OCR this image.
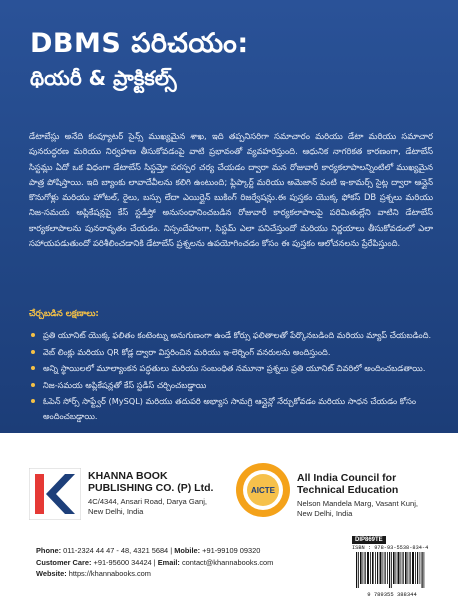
DBMS పరిచయం:
థియరీ & ప్రాక్టికల్స్

డేటాబేస్లు అనేది కంప్యూటర్ సైన్స్ ముఖ్యమైన శాఖ, ఇది తప్పనిసరిగా సమాచారం మరియు డేటా మరియు సమాచార పునరుద్ధరణ మరియు నిర్వహణ తీసుకోవడంపై వాటి ప్రభావంతో వ్యవహరిస్తుంది. ఆధునిక నాగరికత కారణంగా, డేటాబేస్ సిస్టమ్లు ఏదో ఒక విధంగా డేటాబేస్ సిస్టమ్తో పరస్పర చర్య చేయడం ద్వారా మన రోజువారీ కార్యకలాపాలన్నింటిలో ముఖ్యమైన పాత్ర పోషిస్తాయి. ఇది బ్యాంకు లావాదేవీలను కలిగి ఉంటుంది; ఫ్లిప్కార్ట్ మరియు అమెజాన్ వంటి ఇ-కామర్స్ సైట్ల ద్వారా ఆన్లైన్ కొనుగోళ్లు మరియు హోటల్, రైలు, బస్సు లేదా ఎయిర్లైన్ బుకింగ్ రిజర్వేషన్లు.ఈ పుస్తకం యొక్క ఫోకస్ DB ప్రశ్నలు మరియు నిజ-సమయ అప్లికేషన్లపై కేస్ స్టడీస్తో అనుసంధానించబడిన రోజువారీ కార్యకలాపాలపై పరిమితుల్లేని వాటిని డేటాబేస్ కార్యకలాపాలను పునరావృతం చేయడం. నిస్సందేహంగా, సిస్టమ్ ఎలా పనిచేస్తుందో మరియు నిర్ణయాలు తీసుకోవడంలో ఎలా సహాయపడుతుందో పరిశీలించడానికి డేటాబేస్ ప్రశ్నలను ఉపయోగించడం కోసం ఈ పుస్తకం ఆలోచనలను ప్రేరేపిస్తుంది.

చేర్చబడిన లక్షణాలు:
ప్రతి యూనిట్ యొక్క ఫలితం కంటెంట్ను అనుగుణంగా ఉండే కోర్సు ఫలితాలతో పేర్కొనబడింది మరియు మ్యాప్ చేయబడింది.
వెబ్ లింక్లు మరియు QR కోడ్ల ద్వారా విస్తరించిన మరియు ఇ-లెర్నింగ్ వనరులను అందిస్తుంది.
అన్ని స్థాయిలలో మూల్యాంకన పద్ధతులు మరియు సంబంధిత నమూనా ప్రశ్నలు ప్రతి యూనిట్ చివరిలో అందించబడతాయి.
నిజ-సమయ అప్లికేషన్లతో కేస్ స్టడీస్ చర్చించబడ్డాయి
ఓపెన్ సోర్స్ సాఫ్ట్వేర్ (MySQL) మరియు తదుపరి అభ్యాస సామగ్రి ఆన్లైన్లో నేర్చుకోవడం మరియు సాధన చేయడం కోసం అందించబడ్డాయి.
KHANNA BOOK
PUBLISHING CO. (P) Ltd.
4C/4344, Ansari Road, Darya Ganj,
New Delhi, India
AICTE
All India Council for
Technical Education
Nelson Mandela Marg, Vasant Kunj,
New Delhi, India
Phone: 011-2324 44 47 - 48, 4321 5684 | Mobile: +91-99109 09320
Customer Care: +91-95600 34424 | Email: contact@khannabooks.com
Website: https://khannabooks.com
9 789355 388344
DIP869TE
ISBN : 978-93-5538-834-4
